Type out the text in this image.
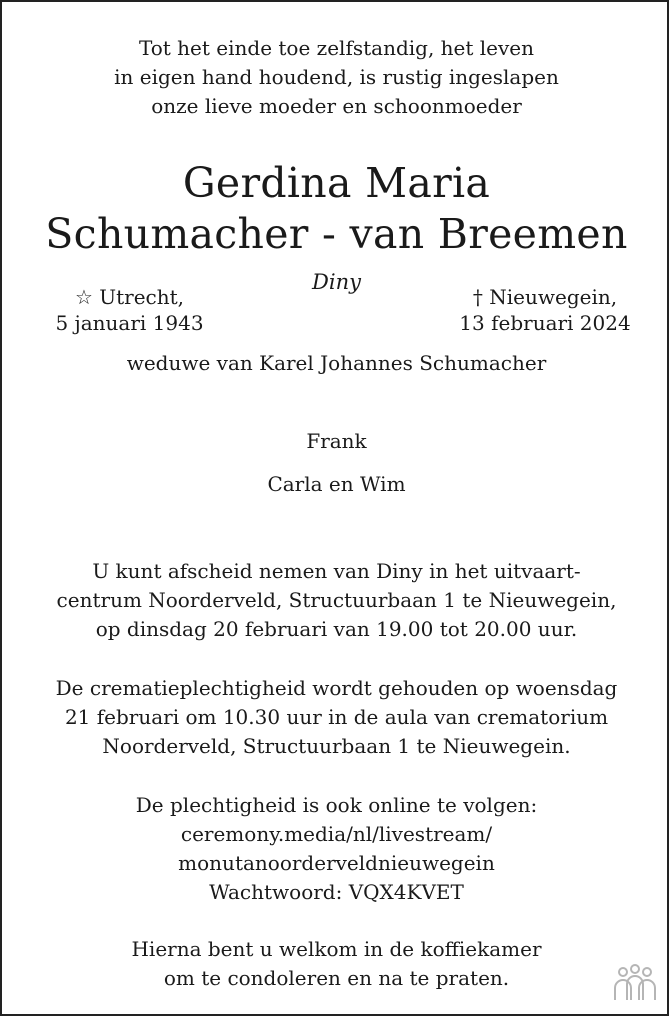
Tot het einde toe zelfstandig, het leven
in eigen hand houdend, is rustig ingeslapen
onze lieve moeder en schoonmoeder
Gerdina Maria
Schumacher - van Breemen
Diny
☆ Utrecht,
5 januari 1943
† Nieuwegein,
13 februari 2024
weduwe van Karel Johannes Schumacher
Frank
Carla en Wim
U kunt afscheid nemen van Diny in het uitvaart-
centrum Noorderveld, Structuurbaan 1 te Nieuwegein,
op dinsdag 20 februari van 19.00 tot 20.00 uur.
De crematieplechtigheid wordt gehouden op woensdag
21 februari om 10.30 uur in de aula van crematorium
Noorderveld, Structuurbaan 1 te Nieuwegein.
De plechtigheid is ook online te volgen:
ceremony.media/nl/livestream/
monutanoorderveldnieuwegein
Wachtwoord: VQX4KVET
Hierna bent u welkom in de koffiekamer
om te condoleren en na te praten.
